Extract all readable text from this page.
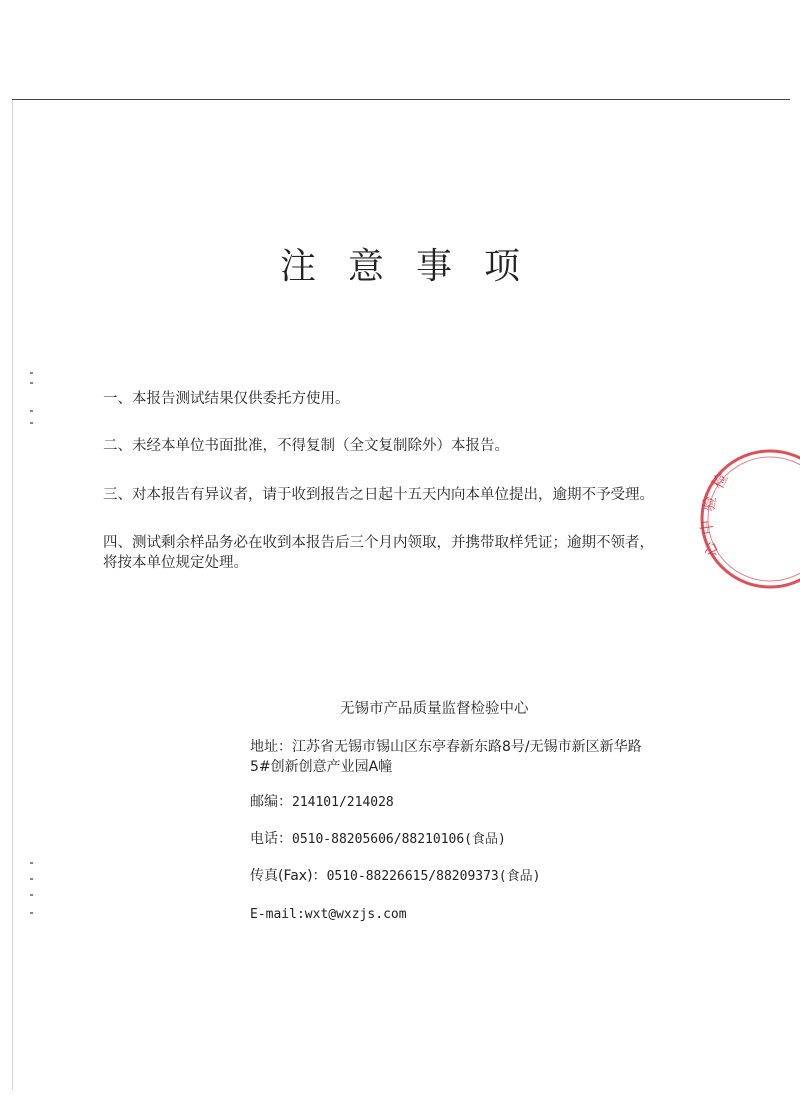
注 意 事 项
一、本报告测试结果仅供委托方使用。
二、未经本单位书面批准，不得复制（全文复制除外）本报告。
三、对本报告有异议者，请于收到报告之日起十五天内向本单位提出，逾期不予受理。
四、测试剩余样品务必在收到本报告后三个月内领取，并携带取样凭证；逾期不领者，
将按本单位规定处理。
无锡市产品质量监督检验中心
地址：江苏省无锡市锡山区东亭春新东路8号/无锡市新区新华路
5#创新创意产业园A幢
邮编：214101/214028
电话：0510-88205606/88210106(食品)
传真(Fax)：0510-88226615/88209373(食品)
E-mail:wxt@wxzjs.com
检
验
中
心
